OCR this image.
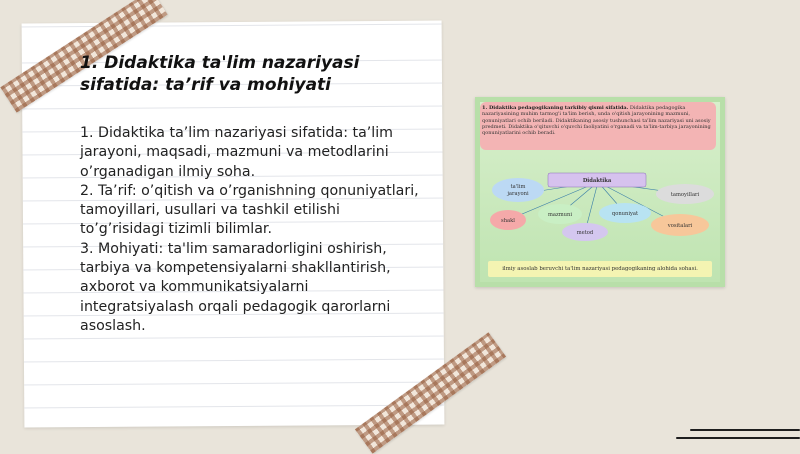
1. Didaktika ta'lim nazariyasi sifatida: ta’rif va mohiyati

1. Didaktika ta’lim nazariyasi sifatida: ta’lim jarayoni, maqsadi, mazmuni va metodlarini o’rganadigan ilmiy soha.

2. Ta’rif: o’qitish va o’rganishning qonuniyatlari, tamoyillari, usullari va tashkil etilishi to’g’risidagi tizimli bilimlar.

3. Mohiyati: ta'lim samaradorligini oshirish, tarbiya va kompetensiyalarni shakllantirish, axborot va kommunikatsiyalarni integratsiyalash orqali pedagogik qarorlarni asoslash.

1. Didaktika pedagogikaning tarkibiy qismi sifatida. Didaktika pedagogika nazariyasining muhim tarmog'i ta'lim berish, unda o'qitish jarayonining mazmuni, qonuniyatlari ochib beriladi. Didaktikaning asosiy tushunchasi ta'lim nazariyasi uni asosiy predmeti. Didaktika o'qituvchi o'quvchi faoliyatini o'rganadi va ta'lim-tarbiya jarayonining qonuniyatlarini ochib beradi.
Didaktika
ta'lim
jarayoni	tamoyillari
shakl
mazmuni	qonuniyat
vositalari
metod
ilmiy asoslab beruvchi ta'lim nazariyasi pedagogikaning alohida sohasi.
